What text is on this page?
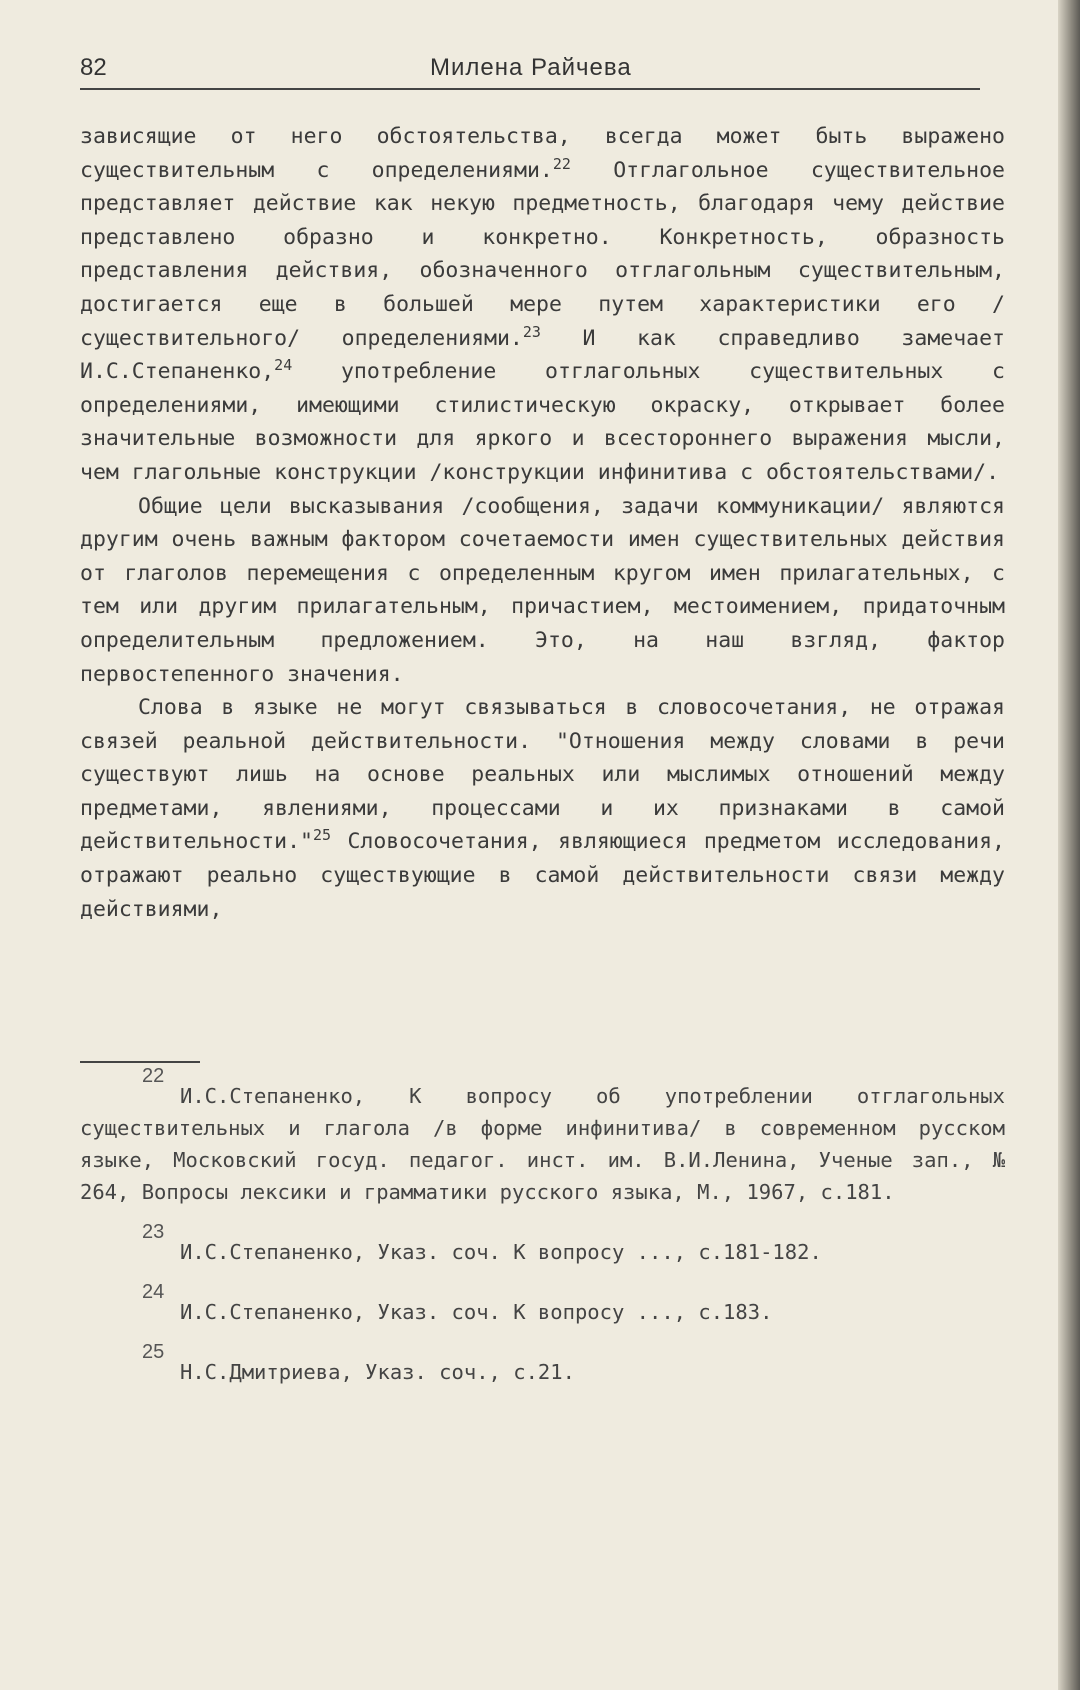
82	Милена Райчева

зависящие от него обстоятельства, всегда может быть выражено существительным с определениями.$^{22}$ Отглагольное существительное представляет действие как некую предметность, благодаря чему действие представлено образно и конкретно. Конкретность, образность представления действия, обозначенного отглагольным существительным, достигается еще в большей мере путем характеристики его /существительного/ определениями.$^{23}$ И как справедливо замечает И.С.Степаненко,$^{24}$ употребление отглагольных существительных с определениями, имеющими стилистическую окраску, открывает более значительные возможности для яркого и всестороннего выражения мысли, чем глагольные конструкции /конструкции инфинитива с обстоятельствами/.

Общие цели высказывания /сообщения, задачи коммуникации/ являются другим очень важным фактором сочетаемости имен существительных действия от глаголов перемещения с определенным кругом имен прилагательных, с тем или другим прилагательным, причастием, местоимением, придаточным определительным предложением. Это, на наш взгляд, фактор первостепенного значения.

Слова в языке не могут связываться в словосочетания, не отражая связей реальной действительности. "Отношения между словами в речи существуют лишь на основе реальных или мыслимых отношений между предметами, явлениями, процессами и их признаками в самой действительности."$^{25}$ Словосочетания, являющиеся предметом исследования, отражают реально существующие в самой действительности связи между действиями,

22
И.С.Степаненко, К вопросу об употреблении отглагольных существительных и глагола /в форме инфинитива/ в современном русском языке, Московский госуд. педагог. инст. им. В.И.Ленина, Ученые зап., № 264, Вопросы лексики и грамматики русского языка, М., 1967, с.181.
23
И.С.Степаненко, Указ. соч. К вопросу ..., с.181-182.
24
И.С.Степаненко, Указ. соч. К вопросу ..., с.183.
25
Н.С.Дмитриева, Указ. соч., с.21.
